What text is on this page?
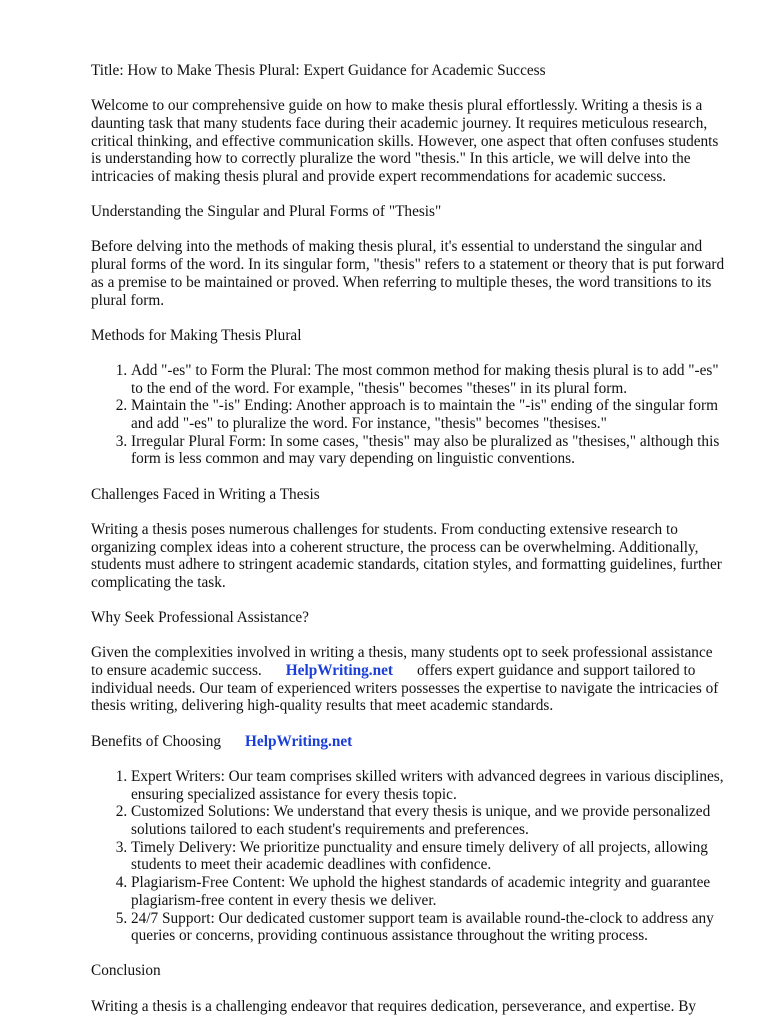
Title: How to Make Thesis Plural: Expert Guidance for Academic Success

Welcome to our comprehensive guide on how to make thesis plural effortlessly. Writing a thesis is a daunting task that many students face during their academic journey. It requires meticulous research, critical thinking, and effective communication skills. However, one aspect that often confuses students is understanding how to correctly pluralize the word "thesis." In this article, we will delve into the intricacies of making thesis plural and provide expert recommendations for academic success.

Understanding the Singular and Plural Forms of "Thesis"

Before delving into the methods of making thesis plural, it's essential to understand the singular and plural forms of the word. In its singular form, "thesis" refers to a statement or theory that is put forward as a premise to be maintained or proved. When referring to multiple theses, the word transitions to its plural form.

Methods for Making Thesis Plural

1. Add "-es" to Form the Plural: The most common method for making thesis plural is to add "-es" to the end of the word. For example, "thesis" becomes "theses" in its plural form.
2. Maintain the "-is" Ending: Another approach is to maintain the "-is" ending of the singular form and add "-es" to pluralize the word. For instance, "thesis" becomes "thesises."
3. Irregular Plural Form: In some cases, "thesis" may also be pluralized as "thesises," although this form is less common and may vary depending on linguistic conventions.

Challenges Faced in Writing a Thesis

Writing a thesis poses numerous challenges for students. From conducting extensive research to organizing complex ideas into a coherent structure, the process can be overwhelming. Additionally, students must adhere to stringent academic standards, citation styles, and formatting guidelines, further complicating the task.

Why Seek Professional Assistance?

Given the complexities involved in writing a thesis, many students opt to seek professional assistance to ensure academic success. HelpWriting.net offers expert guidance and support tailored to individual needs. Our team of experienced writers possesses the expertise to navigate the intricacies of thesis writing, delivering high-quality results that meet academic standards.

Benefits of Choosing HelpWriting.net

1. Expert Writers: Our team comprises skilled writers with advanced degrees in various disciplines, ensuring specialized assistance for every thesis topic.
2. Customized Solutions: We understand that every thesis is unique, and we provide personalized solutions tailored to each student's requirements and preferences.
3. Timely Delivery: We prioritize punctuality and ensure timely delivery of all projects, allowing students to meet their academic deadlines with confidence.
4. Plagiarism-Free Content: We uphold the highest standards of academic integrity and guarantee plagiarism-free content in every thesis we deliver.
5. 24/7 Support: Our dedicated customer support team is available round-the-clock to address any queries or concerns, providing continuous assistance throughout the writing process.

Conclusion

Writing a thesis is a challenging endeavor that requires dedication, perseverance, and expertise. By
